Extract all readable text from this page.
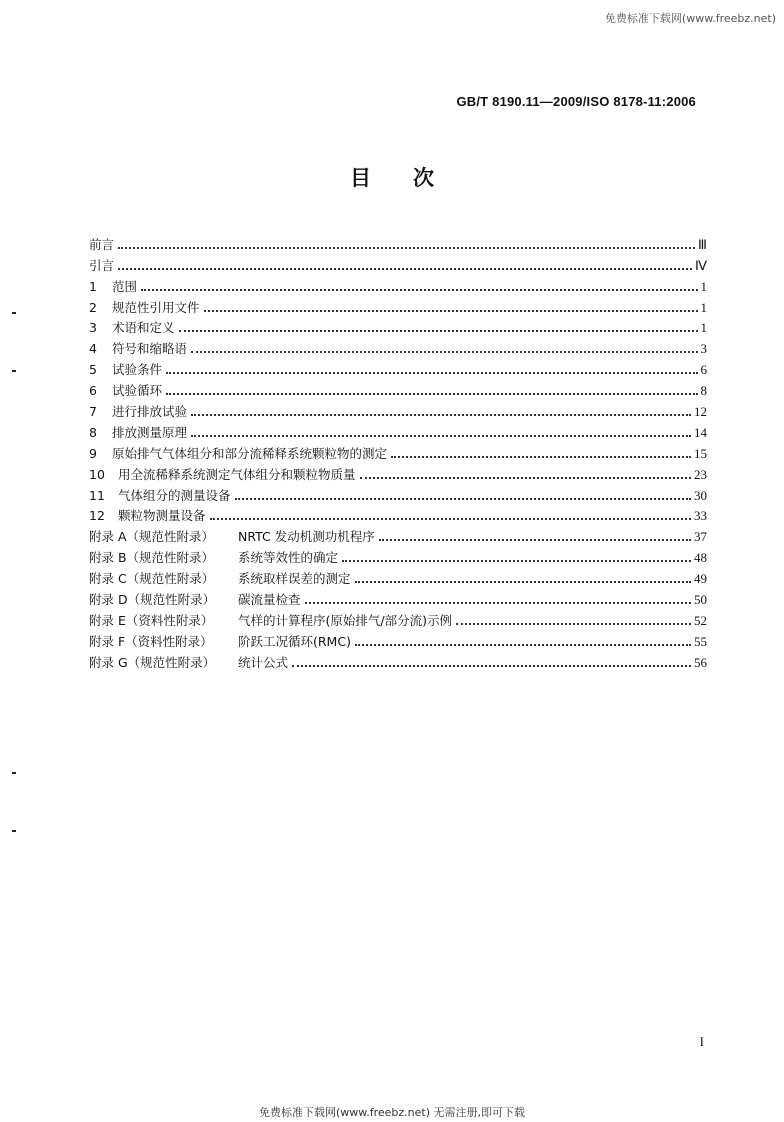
免费标准下载网(www.freebz.net)
GB/T 8190.11—2009/ISO 8178-11:2006
目次
前言	Ⅲ
引言	Ⅳ
1	范围	1
2	规范性引用文件	1
3	术语和定义	1
4	符号和缩略语	3
5	试验条件	6
6	试验循环	8
7	进行排放试验	12
8	排放测量原理	14
9	原始排气气体组分和部分流稀释系统颗粒物的测定	15
10	用全流稀释系统测定气体组分和颗粒物质量	23
11	气体组分的测量设备	30
12	颗粒物测量设备	33
附录 A（规范性附录）	NRTC 发动机测功机程序	37
附录 B（规范性附录）	系统等效性的确定	48
附录 C（规范性附录）	系统取样误差的测定	49
附录 D（规范性附录）	碳流量检查	50
附录 E（资料性附录）	气样的计算程序(原始排气/部分流)示例	52
附录 F（资料性附录）	阶跃工况循环(RMC)	55
附录 G（规范性附录）	统计公式	56
I
免费标准下载网(www.freebz.net) 无需注册,即可下载
